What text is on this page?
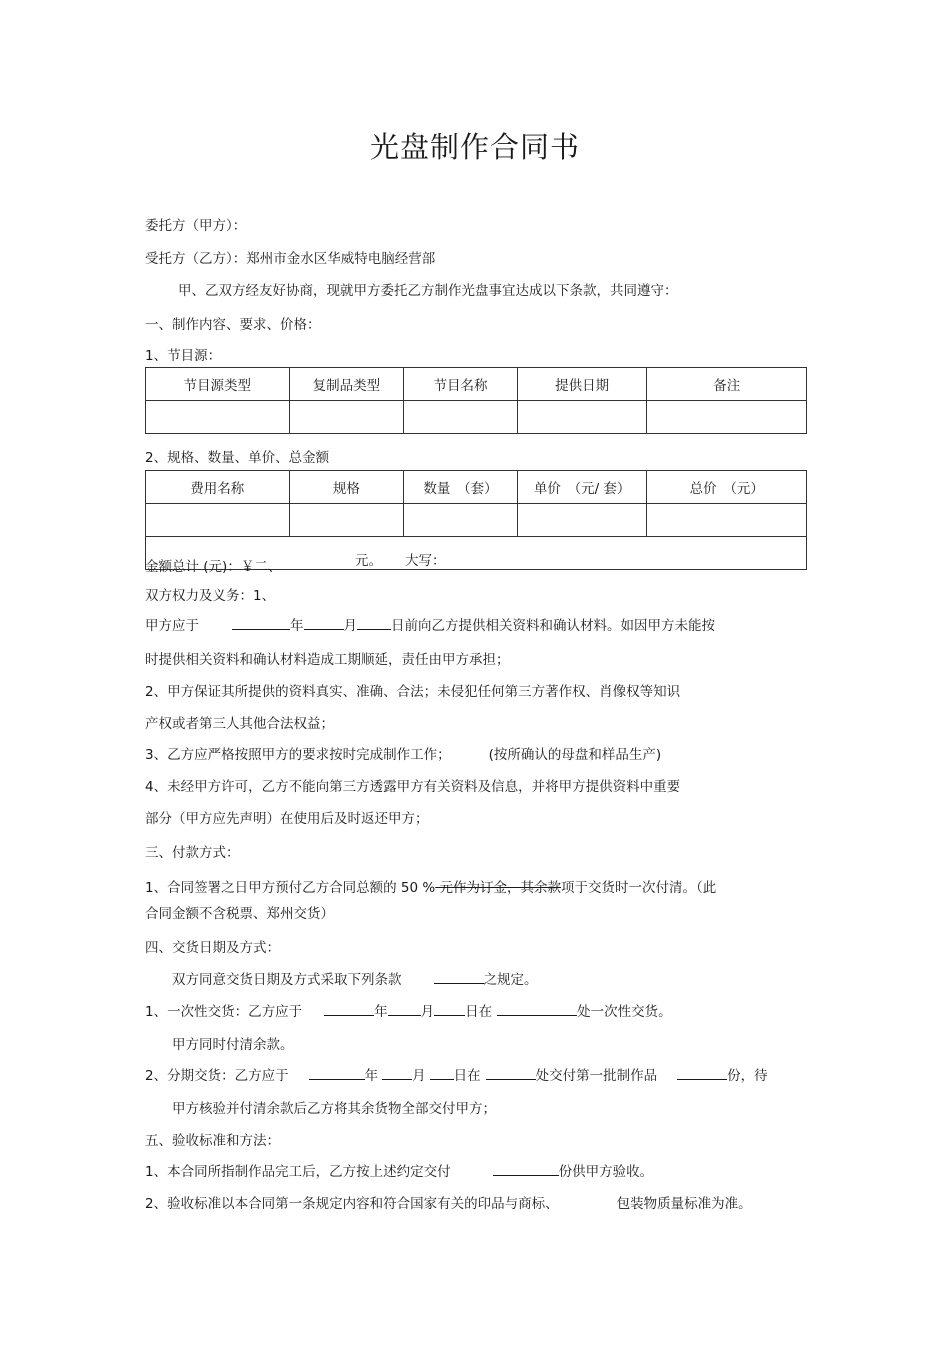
光盘制作合同书
委托方（甲方）：
受托方（乙方）：郑州市金水区华威特电脑经营部
甲、乙双方经友好协商，现就甲方委托乙方制作光盘事宜达成以下条款，共同遵守：
一、制作内容、要求、价格：
1、节目源：
节目源类型	复制品类型	节目名称	提供日期	备注

2、规格、数量、单价、总金额
费用名称	规格	数量　（套）	单价　（元/ 套）	总价　（元）

金额总计 (元)：￥二、	元。 大写：
双方权力及义务：1、
甲方应于	年	月	日前向乙方提供相关资料和确认材料。如因甲方未能按
时提供相关资料和确认材料造成工期顺延，责任由甲方承担；
2、甲方保证其所提供的资料真实、准确、合法；未侵犯任何第三方著作权、肖像权等知识
产权或者第三人其他合法权益；
3、乙方应严格按照甲方的要求按时完成制作工作；	(按所确认的母盘和样品生产)
4、未经甲方许可，乙方不能向第三方透露甲方有关资料及信息，并将甲方提供资料中重要
部分（甲方应先声明）在使用后及时返还甲方；
三、付款方式：
1、合同签署之日甲方预付乙方合同总额的 50 % 元作为订金，其余款项于交货时一次付清。（此
合同金额不含税票、郑州交货）
四、交货日期及方式：
双方同意交货日期及方式采取下列条款	之规定。
1、一次性交货：乙方应于	年 月 日在	处一次性交货。
甲方同时付清余款。
2、分期交货：乙方应于	年	月 日在	处交付第一批制作品	份，待
甲方核验并付清余款后乙方将其余货物全部交付甲方；
五、验收标准和方法：
1、本合同所指制作品完工后，乙方按上述约定交付	份供甲方验收。
2、验收标准以本合同第一条规定内容和符合国家有关的印品与商标、	包装物质量标准为准。
